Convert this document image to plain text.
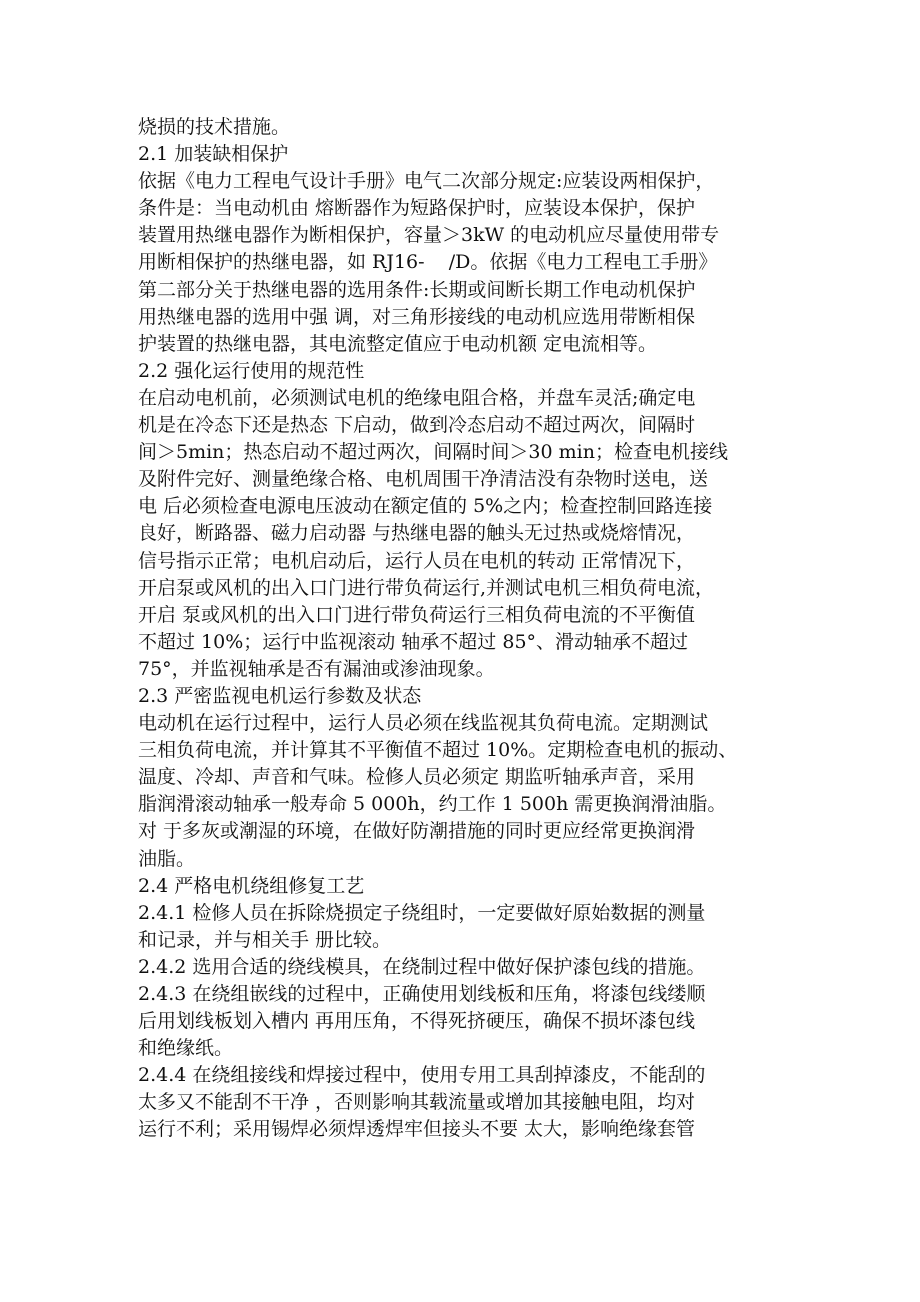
烧损的技术措施。
2.1 加装缺相保护
依据《电力工程电气设计手册》电气二次部分规定:应装设两相保护，
条件是：当电动机由 熔断器作为短路保护时，应装设本保护，保护
装置用热继电器作为断相保护，容量＞3kW 的电动机应尽量使用带专
用断相保护的热继电器，如 RJ16-    /D。依据《电力工程电工手册》
第二部分关于热继电器的选用条件:长期或间断长期工作电动机保护
用热继电器的选用中强 调，对三角形接线的电动机应选用带断相保
护装置的热继电器，其电流整定值应于电动机额 定电流相等。
2.2 强化运行使用的规范性
在启动电机前，必须测试电机的绝缘电阻合格，并盘车灵活;确定电
机是在冷态下还是热态 下启动，做到冷态启动不超过两次，间隔时
间＞5min；热态启动不超过两次，间隔时间＞30 min；检查电机接线
及附件完好、测量绝缘合格、电机周围干净清洁没有杂物时送电，送
电 后必须检查电源电压波动在额定值的 5%之内；检查控制回路连接
良好，断路器、磁力启动器 与热继电器的触头无过热或烧熔情况，
信号指示正常；电机启动后，运行人员在电机的转动 正常情况下，
开启泵或风机的出入口门进行带负荷运行,并测试电机三相负荷电流，
开启 泵或风机的出入口门进行带负荷运行三相负荷电流的不平衡值
不超过 10%；运行中监视滚动 轴承不超过 85°、滑动轴承不超过
75°，并监视轴承是否有漏油或渗油现象。
2.3 严密监视电机运行参数及状态
电动机在运行过程中，运行人员必须在线监视其负荷电流。定期测试
三相负荷电流，并计算其不平衡值不超过 10%。定期检查电机的振动、
温度、冷却、声音和气味。检修人员必须定 期监听轴承声音，采用
脂润滑滚动轴承一般寿命 5 000h，约工作 1 500h 需更换润滑油脂。
对 于多灰或潮湿的环境，在做好防潮措施的同时更应经常更换润滑
油脂。
2.4 严格电机绕组修复工艺
2.4.1 检修人员在拆除烧损定子绕组时，一定要做好原始数据的测量
和记录，并与相关手 册比较。
2.4.2 选用合适的绕线模具，在绕制过程中做好保护漆包线的措施。
2.4.3 在绕组嵌线的过程中，正确使用划线板和压角，将漆包线缕顺
后用划线板划入槽内 再用压角，不得死挤硬压，确保不损坏漆包线
和绝缘纸。
2.4.4 在绕组接线和焊接过程中，使用专用工具刮掉漆皮，不能刮的
太多又不能刮不干净 ，否则影响其载流量或增加其接触电阻，均对
运行不利；采用锡焊必须焊透焊牢但接头不要 太大，影响绝缘套管
